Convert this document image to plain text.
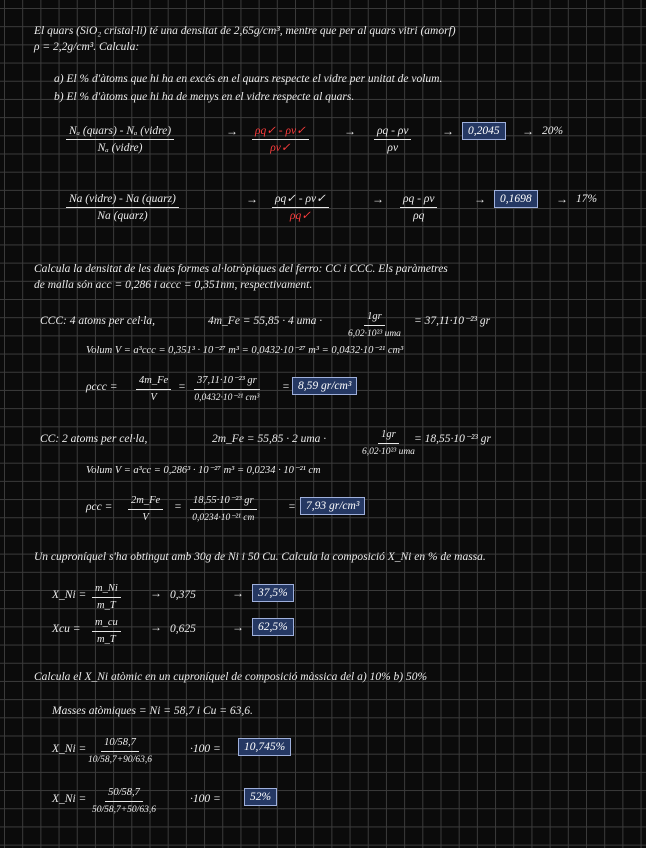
El quars (SiO₂ cristal·li) té una densitat de 2,65g/cm³, mentre que per al quars vitri (amorf)
ρ = 2,2g/cm³. Calcula:
a) El % d'àtoms que hi ha en excés en el quars respecte el vidre per unitat de volum.
b) El % d'àtoms que hi ha de menys en el vidre respecte al quars.
Nₐ (quars) - Nₐ (vidre)
Nₐ (vidre)
→ $\frac{\rho q✓ - \rho v✓}{\rho v✓}$	→ $\frac{\rho q - \rho v}{\rho v}$	→	0,2045	→ 20%
Na (vidre) - Na (quarz)
Na (quarz)
→ $\frac{\rho q✓ - \rho v✓}{\rho q✓}$	→ $\frac{\rho q - \rho v}{\rho q}$	→	0,1698	→ 17%
Calcula la densitat de les dues formes al·lotròpiques del ferro: CC i CCC. Els paràmetres
de malla són acc = 0,286 i accc = 0,351nm, respectivament.
CCC: 4 atoms per cel·la,	4m_Fe = 55,85 · 4 uma ·	1gr
6,02·10²³ uma
= 37,11·10⁻²³ gr
Volum V = a³ccc = 0,351³ · 10⁻²⁷ m³ = 0,0432·10⁻²⁷ m³ = 0,0432·10⁻²¹ cm³
$\rho ccc = \frac{4m\_Fe}{V} = \frac{\text{37,11·10⁻²³ gr}}{\text{0,0432·10⁻²¹ cm³}} = 8,59$ gr/cm³
CC: 2 atoms per cel·la,	2m_Fe = 55,85 · 2 uma ·	1gr
6,02·10²³ uma
= 18,55·10⁻²³ gr
Volum V = a³cc = 0,286³ · 10⁻²⁷ m³ = 0,0234 · 10⁻²¹ cm
$\rho cc = \frac{2m\_Fe}{V} = \frac{\text{18,55·10⁻²³ gr}}{\text{0,0234·10⁻²¹ cm}}$	= 7,93 gr/cm³
Un cuproníquel s'ha obtingut amb 30g de Ni i 50 Cu. Calcula la composició X_Ni en % de massa.
X_Ni = $\frac{m\_Ni}{m\_T} \to 0,375$	→	37,5%
Xcu = $\frac{m\_cu}{m\_T} \to 0,625$	→	62,5%
Calcula el X_Ni atòmic en un cuproníquel de composició màssica del a) 10% b) 50%
Masses atòmiques = Ni = 58,7 i Cu = 63,6.
X_Ni = $\frac{10/58,7}{10/58,7+90/63,6}$	·100 =	10,745%
X_Ni = $\frac{50/58,7}{50/58,7+50/63,6}$	·100 =	52%
